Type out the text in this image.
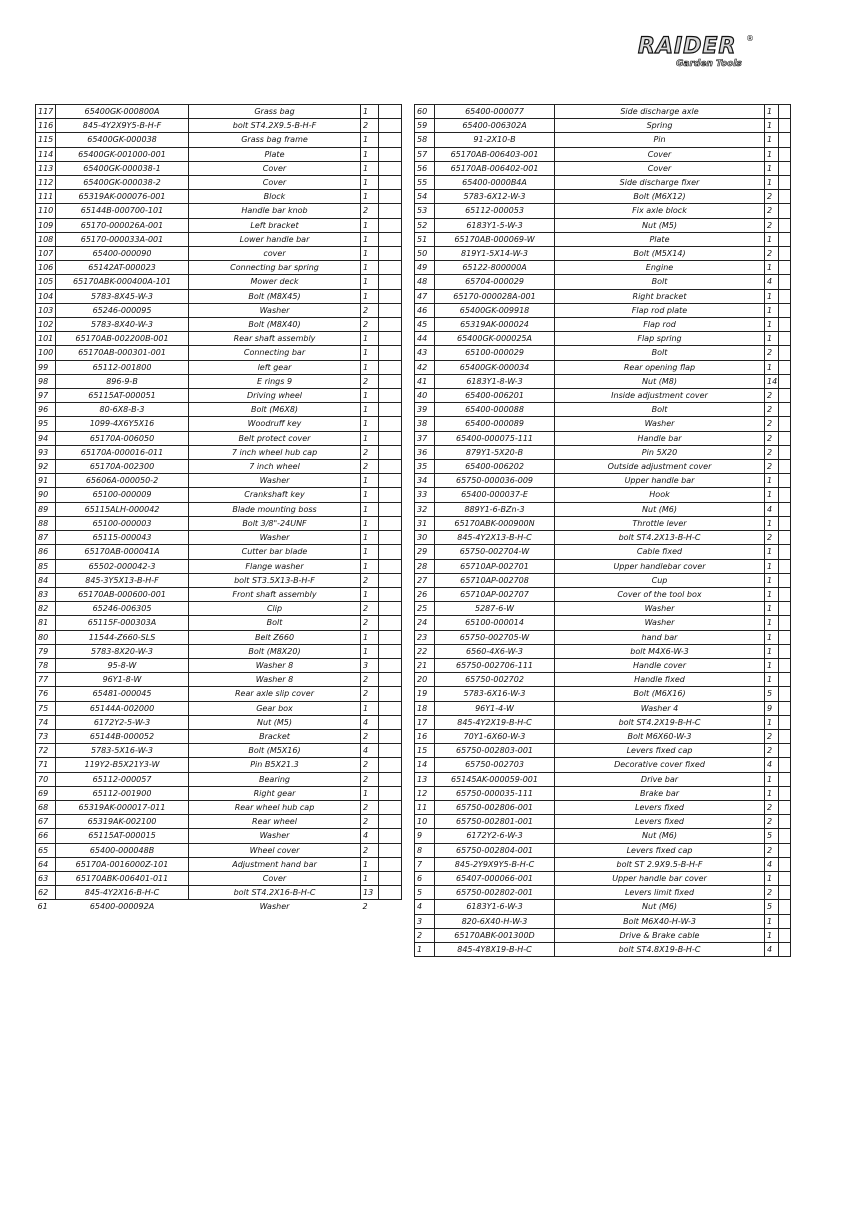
RAIDER ®
Garden Tools
117	65400GK-000800A	Grass bag	1	
116	845-4Y2X9Y5-B-H-F	bolt ST4.2X9.5-B-H-F	2	
115	65400GK-000038	Grass bag frame	1	
114	65400GK-001000-001	Plate	1	
113	65400GK-000038-1	Cover	1	
112	65400GK-000038-2	Cover	1	
111	65319AK-000076-001	Block	1	
110	65144B-000700-101	Handle bar knob	2	
109	65170-000026A-001	Left bracket	1	
108	65170-000033A-001	Lower handle bar	1	
107	65400-000090	cover	1	
106	65142AT-000023	Connecting bar spring	1	
105	65170ABK-000400A-101	Mower deck	1	
104	5783-8X45-W-3	Bolt (M8X45)	1	
103	65246-000095	Washer	2	
102	5783-8X40-W-3	Bolt (M8X40)	2	
101	65170AB-002200B-001	Rear shaft assembly	1	
100	65170AB-000301-001	Connecting bar	1	
99	65112-001800	left gear	1	
98	896-9-B	E rings 9	2	
97	65115AT-000051	Driving wheel	1	
96	80-6X8-B-3	Bolt (M6X8)	1	
95	1099-4X6Y5X16	Woodruff key	1	
94	65170A-006050	Belt protect cover	1	
93	65170A-000016-011	7 inch wheel hub cap	2	
92	65170A-002300	7 inch wheel	2	
91	65606A-000050-2	Washer	1	
90	65100-000009	Crankshaft key	1	
89	65115ALH-000042	Blade mounting boss	1	
88	65100-000003	Bolt 3/8"-24UNF	1	
87	65115-000043	Washer	1	
86	65170AB-000041A	Cutter bar blade	1	
85	65502-000042-3	Flange washer	1	
84	845-3Y5X13-B-H-F	bolt ST3.5X13-B-H-F	2	
83	65170AB-000600-001	Front shaft assembly	1	
82	65246-006305	Clip	2	
81	65115F-000303A	Bolt	2	
80	11544-Z660-SLS	Belt Z660	1	
79	5783-8X20-W-3	Bolt (M8X20)	1	
78	95-8-W	Washer 8	3	
77	96Y1-8-W	Washer 8	2	
76	65481-000045	Rear axle slip cover	2	
75	65144A-002000	Gear box	1	
74	6172Y2-5-W-3	Nut (M5)	4	
73	65144B-000052	Bracket	2	
72	5783-5X16-W-3	Bolt (M5X16)	4	
71	119Y2-B5X21Y3-W	Pin B5X21.3	2	
70	65112-000057	Bearing	2	
69	65112-001900	Right gear	1	
68	65319AK-000017-011	Rear wheel hub cap	2	
67	65319AK-002100	Rear wheel	2	
66	65115AT-000015	Washer	4	
65	65400-000048B	Wheel cover	2	
64	65170A-0016000Z-101	Adjustment hand bar	1	
63	65170ABK-006401-011	Cover	1	
62	845-4Y2X16-B-H-C	bolt ST4.2X16-B-H-C	13	
61	65400-000092A	Washer	2	
60	65400-000077	Side discharge axle	1	
59	65400-006302A	Spring	1	
58	91-2X10-B	Pin	1	
57	65170AB-006403-001	Cover	1	
56	65170AB-006402-001	Cover	1	
55	65400-0000B4A	Side discharge fixer	1	
54	5783-6X12-W-3	Bolt (M6X12)	2	
53	65112-000053	Fix axle block	2	
52	6183Y1-5-W-3	Nut (M5)	2	
51	65170AB-000069-W	Plate	1	
50	819Y1-5X14-W-3	Bolt (M5X14)	2	
49	65122-800000A	Engine	1	
48	65704-000029	Bolt	4	
47	65170-000028A-001	Right bracket	1	
46	65400GK-009918	Flap rod plate	1	
45	65319AK-000024	Flap rod	1	
44	65400GK-000025A	Flap spring	1	
43	65100-000029	Bolt	2	
42	65400GK-000034	Rear opening flap	1	
41	6183Y1-8-W-3	Nut (M8)	14	
40	65400-006201	Inside adjustment cover	2	
39	65400-000088	Bolt	2	
38	65400-000089	Washer	2	
37	65400-000075-111	Handle bar	2	
36	879Y1-5X20-B	Pin 5X20	2	
35	65400-006202	Outside adjustment cover	2	
34	65750-000036-009	Upper handle bar	1	
33	65400-000037-E	Hook	1	
32	889Y1-6-BZn-3	Nut (M6)	4	
31	65170ABK-000900N	Throttle lever	1	
30	845-4Y2X13-B-H-C	bolt ST4.2X13-B-H-C	2	
29	65750-002704-W	Cable fixed	1	
28	65710AP-002701	Upper handlebar cover	1	
27	65710AP-002708	Cup	1	
26	65710AP-002707	Cover of the tool box	1	
25	5287-6-W	Washer	1	
24	65100-000014	Washer	1	
23	65750-002705-W	hand bar	1	
22	6560-4X6-W-3	bolt M4X6-W-3	1	
21	65750-002706-111	Handle cover	1	
20	65750-002702	Handle fixed	1	
19	5783-6X16-W-3	Bolt (M6X16)	5	
18	96Y1-4-W	Washer 4	9	
17	845-4Y2X19-B-H-C	bolt ST4.2X19-B-H-C	1	
16	70Y1-6X60-W-3	Bolt M6X60-W-3	2	
15	65750-002803-001	Levers fixed cap	2	
14	65750-002703	Decorative cover fixed	4	
13	65145AK-000059-001	Drive bar	1	
12	65750-000035-111	Brake bar	1	
11	65750-002806-001	Levers fixed	2	
10	65750-002801-001	Levers fixed	2	
9	6172Y2-6-W-3	Nut (M6)	5	
8	65750-002804-001	Levers fixed cap	2	
7	845-2Y9X9Y5-B-H-C	bolt ST 2.9X9.5-B-H-F	4	
6	65407-000066-001	Upper handle bar cover	1	
5	65750-002802-001	Levers limit fixed	2	
4	6183Y1-6-W-3	Nut (M6)	5	
3	820-6X40-H-W-3	Bolt M6X40-H-W-3	1	
2	65170ABK-001300D	Drive & Brake cable	1	
1	845-4Y8X19-B-H-C	bolt ST4.8X19-B-H-C	4	
